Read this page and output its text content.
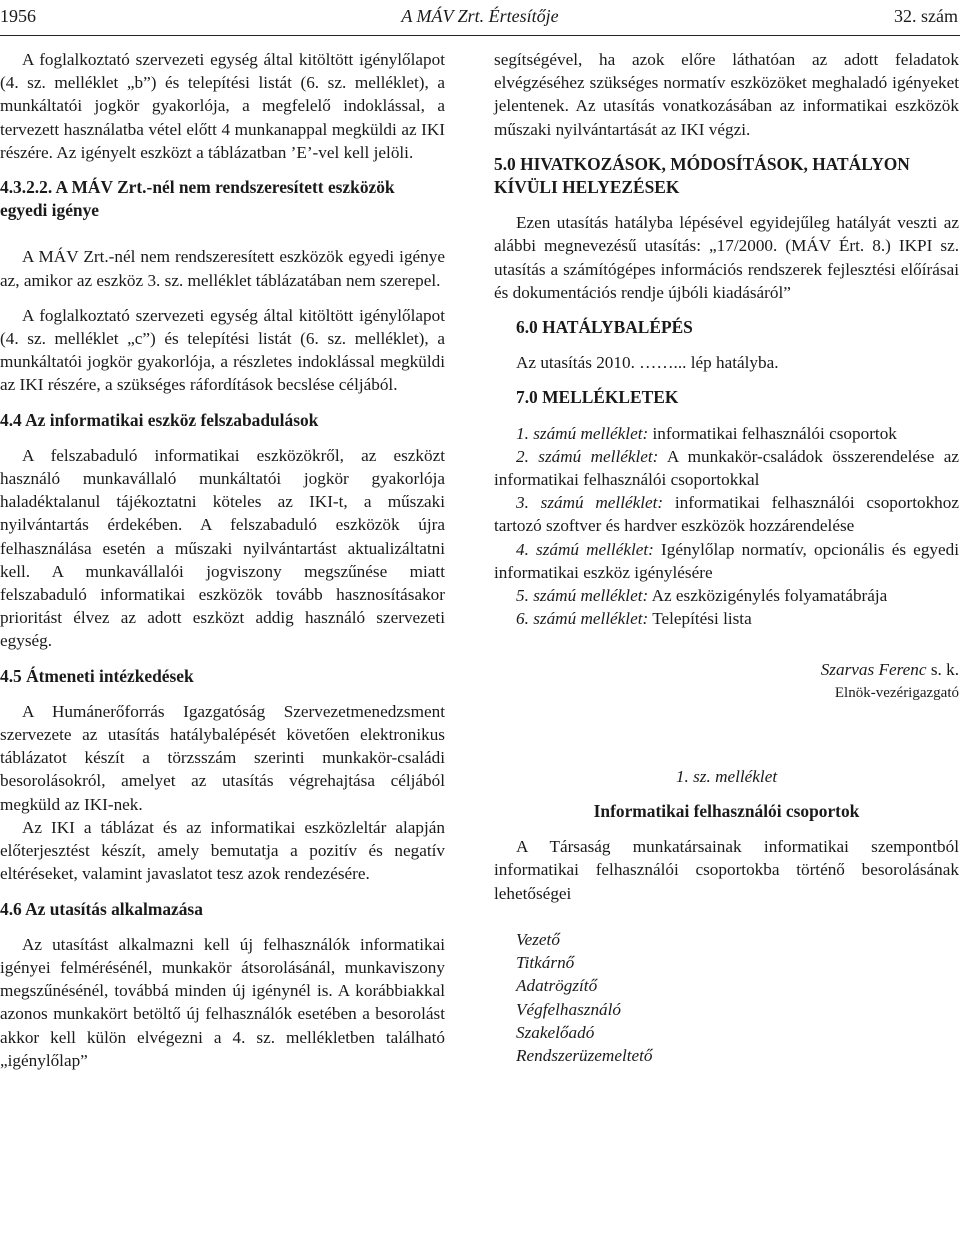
1956	A MÁV Zrt. Értesítője	32. szám

A foglalkoztató szervezeti egység által kitöltött igénylőlapot (4. sz. melléklet „b”) és telepítési listát (6. sz. melléklet), a munkáltatói jogkör gyakorlója, a megfelelő indoklással, a tervezett használatba vétel előtt 4 munkanappal megküldi az IKI részére. Az igényelt eszközt a táblázatban ’E’-vel kell jelöli.

4.3.2.2. A MÁV Zrt.-nél nem rendszeresített eszközök egyedi igénye

A MÁV Zrt.-nél nem rendszeresített eszközök egyedi igénye az, amikor az eszköz 3. sz. melléklet táblázatában nem szerepel.

A foglalkoztató szervezeti egység által kitöltött igénylőlapot (4. sz. melléklet „c”) és telepítési listát (6. sz. melléklet), a munkáltatói jogkör gyakorlója, a részletes indoklással megküldi az IKI részére, a szükséges ráfordítások becslése céljából.

4.4 Az informatikai eszköz felszabadulások

A felszabaduló informatikai eszközökről, az eszközt használó munkavállaló munkáltatói jogkör gyakorlója haladéktalanul tájékoztatni köteles az IKI-t, a műszaki nyilvántartás érdekében. A felszabaduló eszközök újra felhasználása esetén a műszaki nyilvántartást aktualizáltatni kell. A munkavállalói jogviszony megszűnése miatt felszabaduló informatikai eszközök tovább hasznosításakor prioritást élvez az adott eszközt addig használó szervezeti egység.

4.5 Átmeneti intézkedések

A Humánerőforrás Igazgatóság Szervezetmenedzsment szervezete az utasítás hatálybalépését követően elektronikus táblázatot készít a törzsszám szerinti munkakör-családi besorolásokról, amelyet az utasítás végrehajtása céljából megküld az IKI-nek.

Az IKI a táblázat és az informatikai eszközleltár alapján előterjesztést készít, amely bemutatja a pozitív és negatív eltéréseket, valamint javaslatot tesz azok rendezésére.

4.6 Az utasítás alkalmazása

Az utasítást alkalmazni kell új felhasználók informatikai igényei felmérésénél, munkakör átsorolásánál, munkaviszony megszűnésénél, továbbá minden új igénynél is. A korábbiakkal azonos munkakört betöltő új felhasználók esetében a besorolást akkor kell külön elvégezni a 4. sz. mellékletben található „igénylőlap”

segítségével, ha azok előre láthatóan az adott feladatok elvégzéséhez szükséges normatív eszközöket meghaladó igényeket jelentenek. Az utasítás vonatkozásában az informatikai eszközök műszaki nyilvántartását az IKI végzi.

5.0 HIVATKOZÁSOK, MÓDOSÍTÁSOK, HATÁLYON KÍVÜLI HELYEZÉSEK

Ezen utasítás hatályba lépésével egyidejűleg hatályát veszti az alábbi megnevezésű utasítás: „17/2000. (MÁV Ért. 8.) IKPI sz. utasítás a számítógépes információs rendszerek fejlesztési előírásai és dokumentációs rendje újbóli kiadásáról”

6.0 HATÁLYBALÉPÉS

Az utasítás 2010. ……... lép hatályba.

7.0 MELLÉKLETEK

1. számú melléklet: informatikai felhasználói csoportok

2. számú melléklet: A munkakör-családok összerendelése az informatikai felhasználói csoportokkal

3. számú melléklet: informatikai felhasználói csoportokhoz tartozó szoftver és hardver eszközök hozzárendelése

4. számú melléklet: Igénylőlap normatív, opcionális és egyedi informatikai eszköz igénylésére

5. számú melléklet: Az eszközigénylés folyamatábrája

6. számú melléklet: Telepítési lista

Szarvas Ferenc s. k.

Elnök-vezérigazgató

1. sz. melléklet

Informatikai felhasználói csoportok

A Társaság munkatársainak informatikai szempontból informatikai felhasználói csoportokba történő besorolásának lehetőségei

Vezető
Titkárnő
Adatrögzítő
Végfelhasználó
Szakelőadó
Rendszerüzemeltető
